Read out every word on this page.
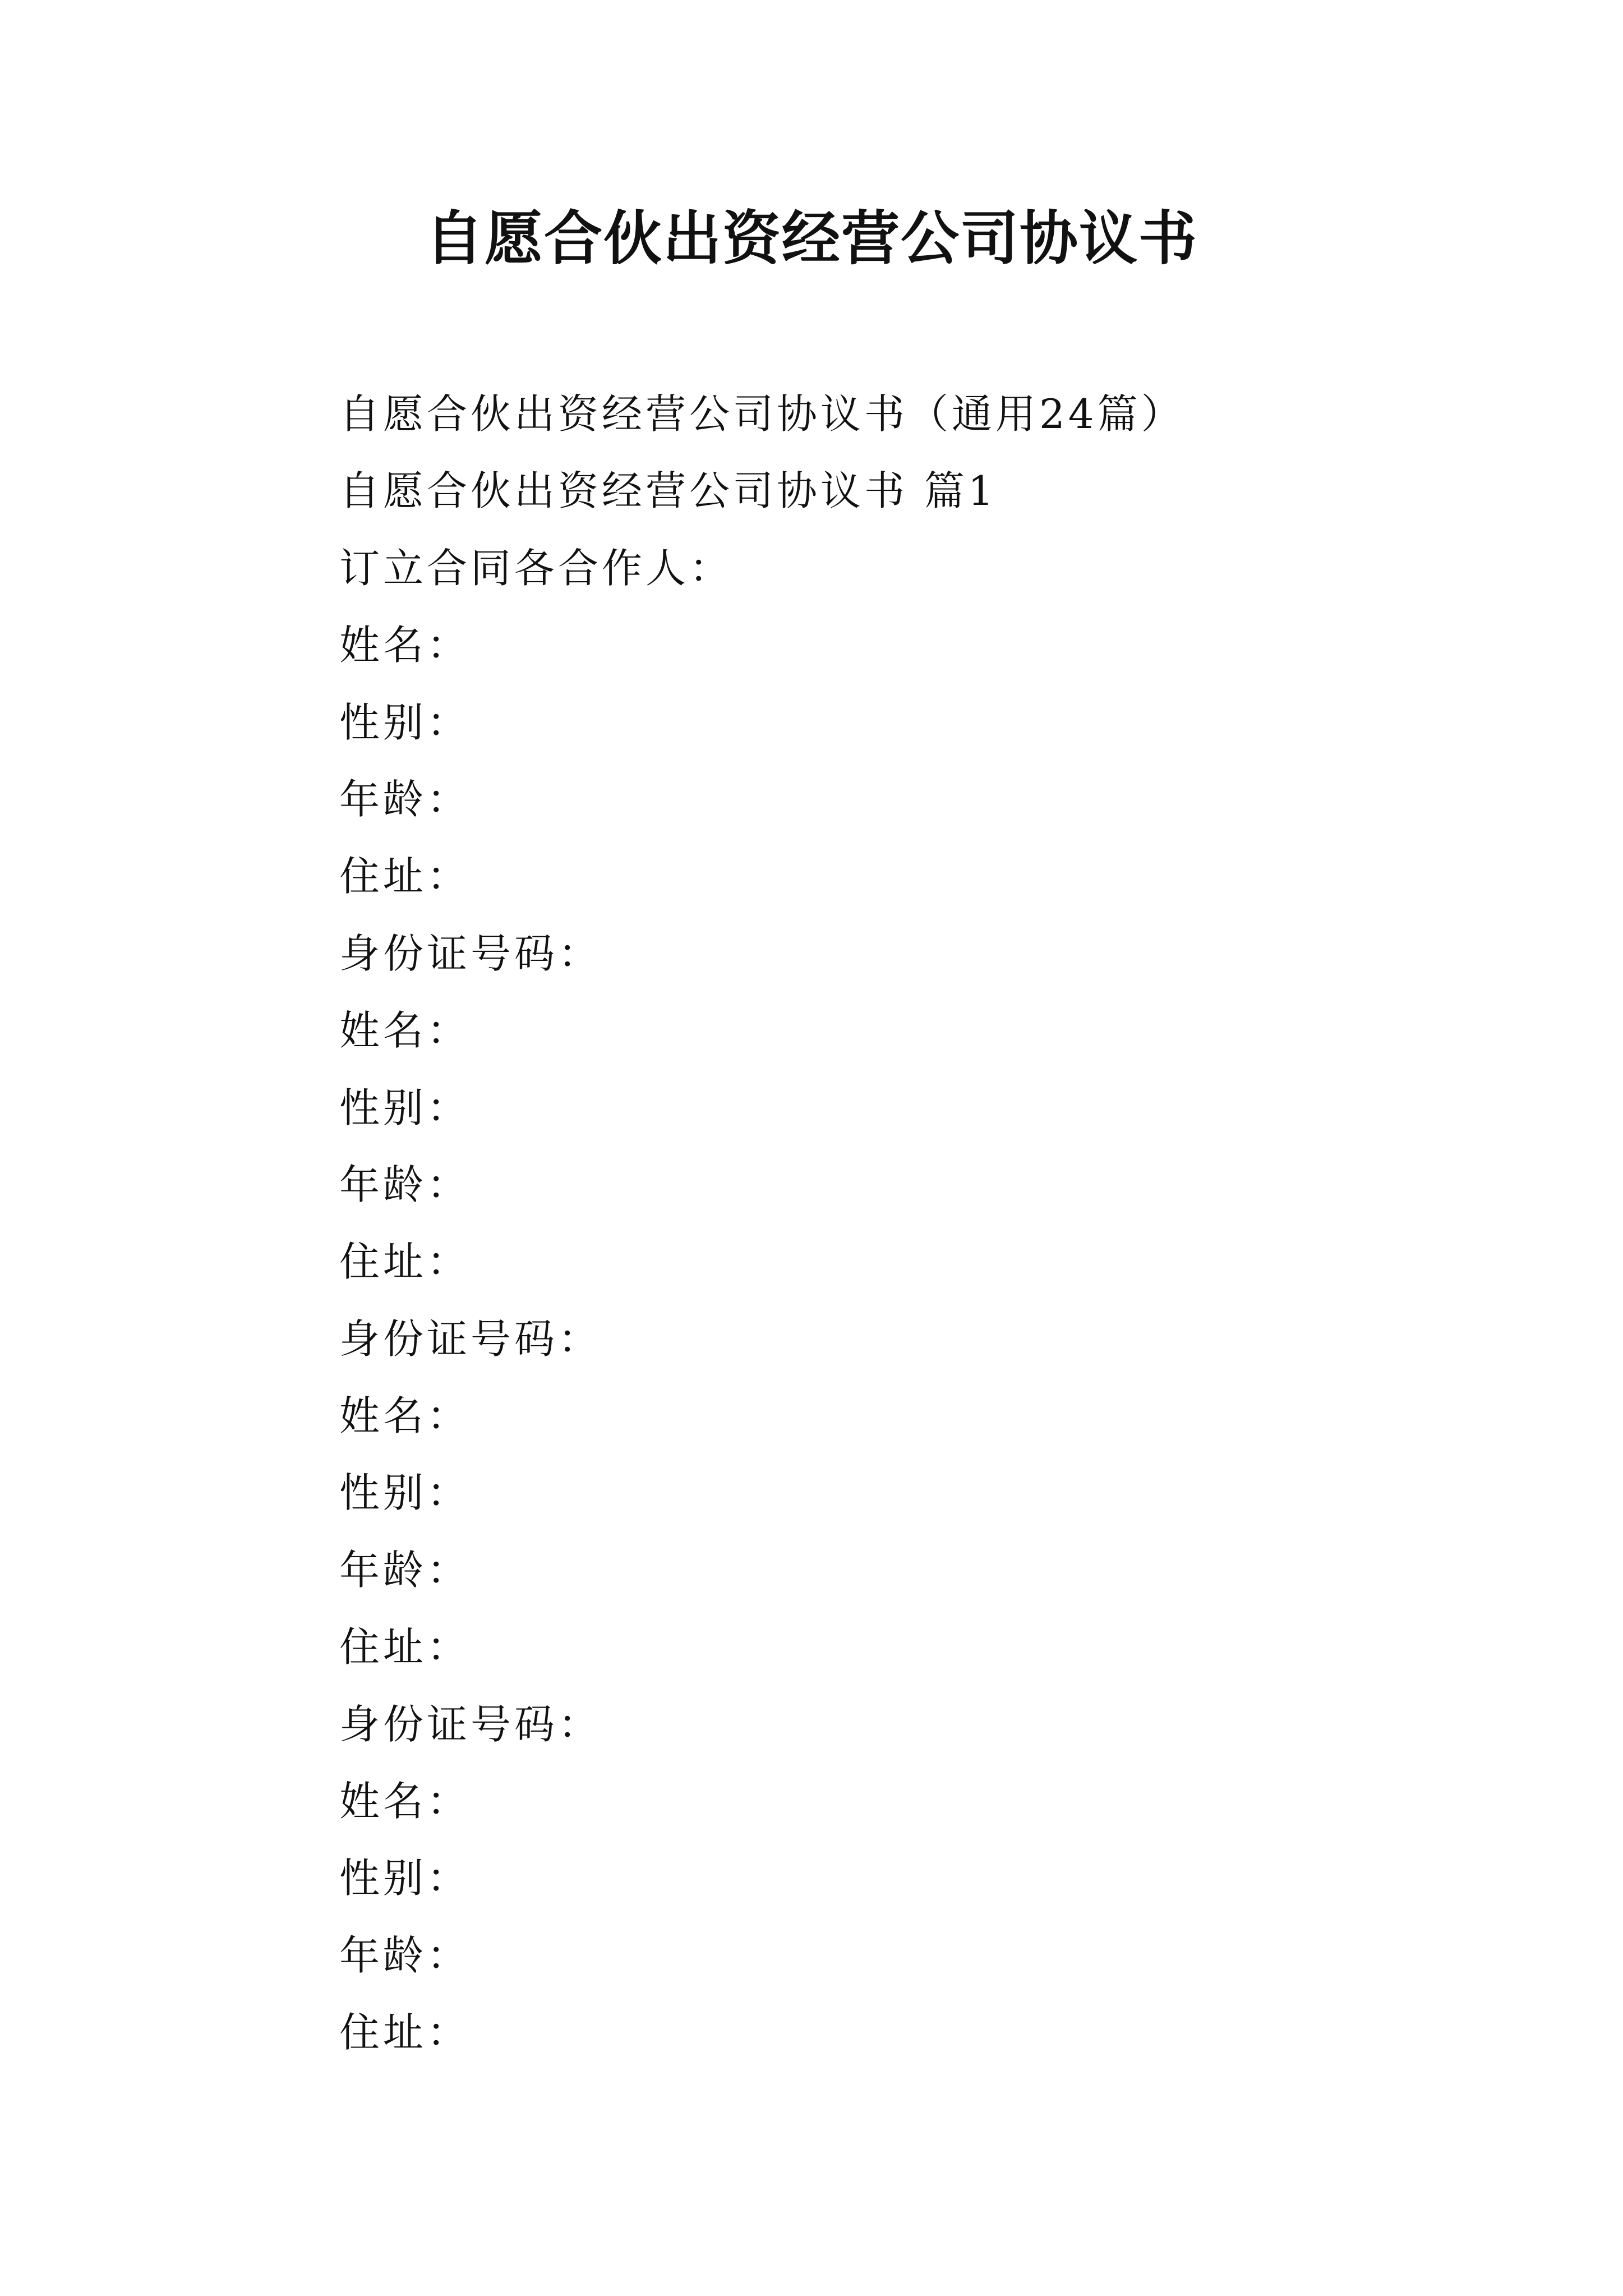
自愿合伙出资经营公司协议书
自愿合伙出资经营公司协议书（通用24篇）
自愿合伙出资经营公司协议书 篇1
订立合同各合作人：
姓名：
性别：
年龄：
住址：
身份证号码：
姓名：
性别：
年龄：
住址：
身份证号码：
姓名：
性别：
年龄：
住址：
身份证号码：
姓名：
性别：
年龄：
住址：
